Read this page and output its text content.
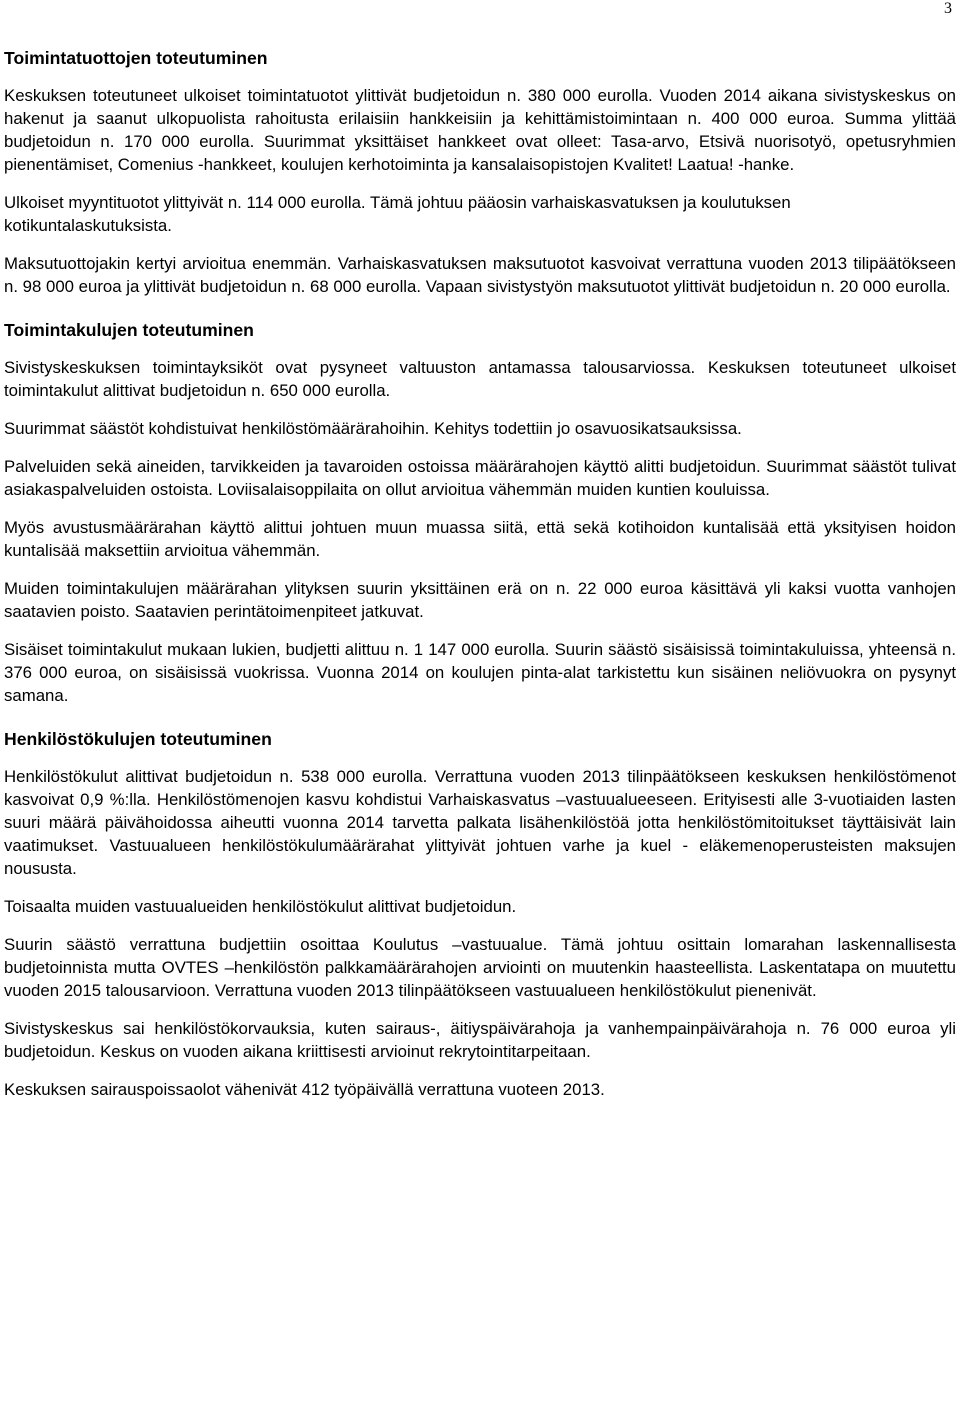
3
Toimintatuottojen toteutuminen

Keskuksen toteutuneet ulkoiset toimintatuotot ylittivät budjetoidun n. 380 000 eurolla. Vuoden 2014 aikana sivistyskeskus on hakenut ja saanut ulkopuolista rahoitusta erilaisiin hankkeisiin ja kehittämistoimintaan n. 400 000 euroa. Summa ylittää budjetoidun n. 170 000 eurolla. Suurimmat yksittäiset hankkeet ovat olleet: Tasa-arvo, Etsivä nuorisotyö, opetusryhmien pienentämiset, Comenius -hankkeet, koulujen kerhotoiminta ja kansalaisopistojen Kvalitet! Laatua! -hanke.

Ulkoiset myyntituotot ylittyivät n. 114 000 eurolla. Tämä johtuu pääosin varhaiskasvatuksen ja koulutuksen kotikuntalaskutuksista.

Maksutuottojakin kertyi arvioitua enemmän. Varhaiskasvatuksen maksutuotot kasvoivat verrattuna vuoden 2013 tilipäätökseen n. 98 000 euroa ja ylittivät budjetoidun n. 68 000 eurolla. Vapaan sivistystyön maksutuotot ylittivät budjetoidun n. 20 000 eurolla.

Toimintakulujen toteutuminen

Sivistyskeskuksen toimintayksiköt ovat pysyneet valtuuston antamassa talousarviossa. Keskuksen toteutuneet ulkoiset toimintakulut alittivat budjetoidun n. 650 000 eurolla.

Suurimmat säästöt kohdistuivat henkilöstömäärärahoihin. Kehitys todettiin jo osavuosikatsauksissa.

Palveluiden sekä aineiden, tarvikkeiden ja tavaroiden ostoissa määrärahojen käyttö alitti budjetoidun. Suurimmat säästöt tulivat asiakaspalveluiden ostoista. Loviisalaisoppilaita on ollut arvioitua vähemmän muiden kuntien kouluissa.

Myös avustusmäärärahan käyttö alittui johtuen muun muassa siitä, että sekä kotihoidon kuntalisää että yksityisen hoidon kuntalisää maksettiin arvioitua vähemmän.

Muiden toimintakulujen määrärahan ylityksen suurin yksittäinen erä on n. 22 000 euroa käsittävä yli kaksi vuotta vanhojen saatavien poisto. Saatavien perintätoimenpiteet jatkuvat.

Sisäiset toimintakulut mukaan lukien, budjetti alittuu n. 1 147 000 eurolla. Suurin säästö sisäisissä toimintakuluissa, yhteensä n. 376 000 euroa, on sisäisissä vuokrissa. Vuonna 2014 on koulujen pinta-alat tarkistettu kun sisäinen neliövuokra on pysynyt samana.

Henkilöstökulujen toteutuminen

Henkilöstökulut alittivat budjetoidun n. 538 000 eurolla. Verrattuna vuoden 2013 tilinpäätökseen keskuksen henkilöstömenot kasvoivat 0,9 %:lla. Henkilöstömenojen kasvu kohdistui Varhaiskasvatus –vastuualueeseen. Erityisesti alle 3-vuotiaiden lasten suuri määrä päivähoidossa aiheutti vuonna 2014 tarvetta palkata lisähenkilöstöä jotta henkilöstömitoitukset täyttäisivät lain vaatimukset. Vastuualueen henkilöstökulumäärärahat ylittyivät johtuen varhe ja kuel - eläkemenoperusteisten maksujen noususta.

Toisaalta muiden vastuualueiden henkilöstökulut alittivat budjetoidun.

Suurin säästö verrattuna budjettiin osoittaa Koulutus –vastuualue. Tämä johtuu osittain lomarahan laskennallisesta budjetoinnista mutta OVTES –henkilöstön palkkamäärärahojen arviointi on muutenkin haasteellista. Laskentatapa on muutettu vuoden 2015 talousarvioon. Verrattuna vuoden 2013 tilinpäätökseen vastuualueen henkilöstökulut pienenivät.

Sivistyskeskus sai henkilöstökorvauksia, kuten sairaus-, äitiyspäivärahoja ja vanhempainpäivärahoja n. 76 000 euroa yli budjetoidun. Keskus on vuoden aikana kriittisesti arvioinut rekrytointitarpeitaan.

Keskuksen sairauspoissaolot vähenivät 412 työpäivällä verrattuna vuoteen 2013.
